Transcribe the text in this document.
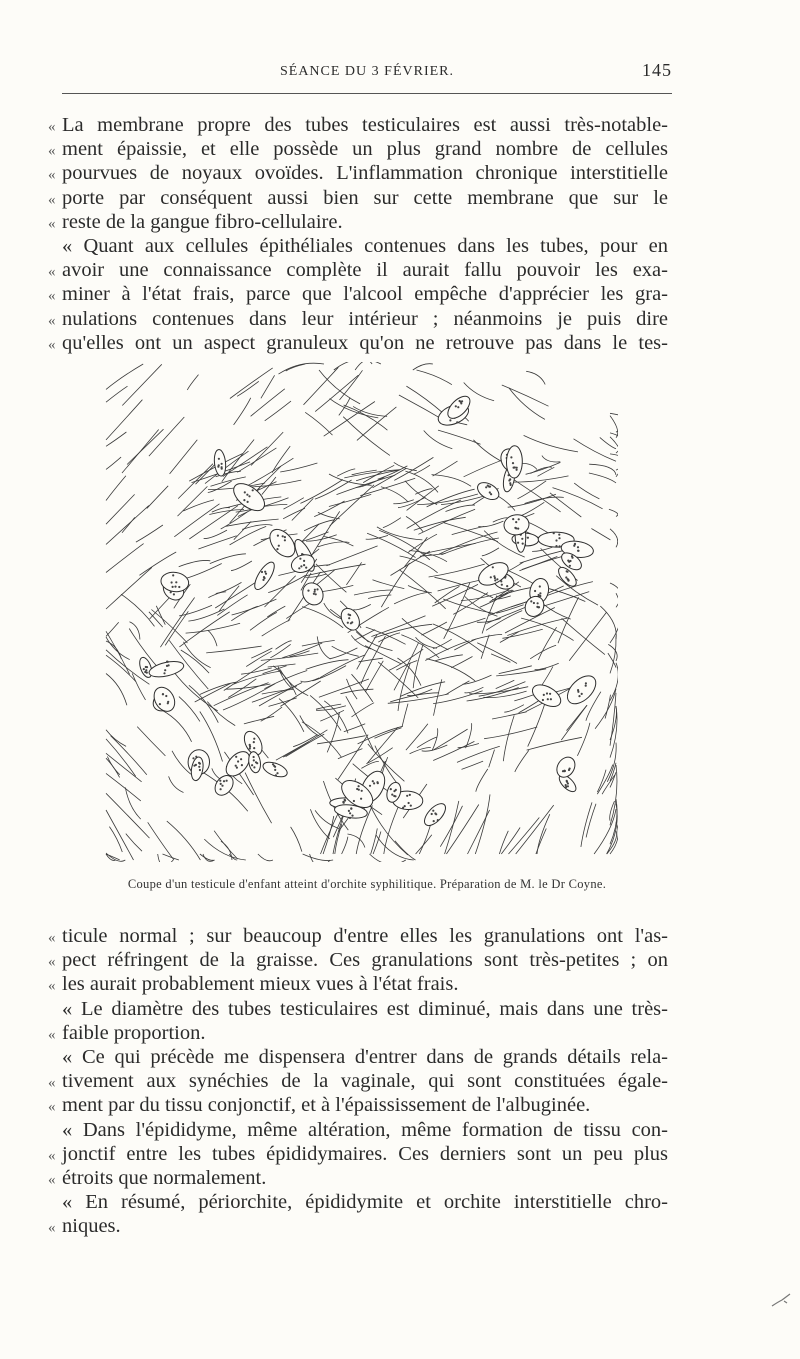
SÉANCE DU 3 FÉVRIER.	145
« La membrane propre des tubes testiculaires est aussi très-notable-
« ment épaissie, et elle possède un plus grand nombre de cellules
« pourvues de noyaux ovoïdes. L'inflammation chronique interstitielle
« porte par conséquent aussi bien sur cette membrane que sur le
« reste de la gangue fibro-cellulaire.
« Quant aux cellules épithéliales contenues dans les tubes, pour en
« avoir une connaissance complète il aurait fallu pouvoir les exa-
« miner à l'état frais, parce que l'alcool empêche d'apprécier les gra-
« nulations contenues dans leur intérieur ; néanmoins je puis dire
« qu'elles ont un aspect granuleux qu'on ne retrouve pas dans le tes-
Coupe d'un testicule d'enfant atteint d'orchite syphilitique. Préparation de M. le Dr Coyne.
« ticule normal ; sur beaucoup d'entre elles les granulations ont l'as-
« pect réfringent de la graisse. Ces granulations sont très-petites ; on
« les aurait probablement mieux vues à l'état frais.
« Le diamètre des tubes testiculaires est diminué, mais dans une très-
« faible proportion.
« Ce qui précède me dispensera d'entrer dans de grands détails rela-
« tivement aux synéchies de la vaginale, qui sont constituées égale-
« ment par du tissu conjonctif, et à l'épaississement de l'albuginée.
« Dans l'épididyme, même altération, même formation de tissu con-
« jonctif entre les tubes épididymaires. Ces derniers sont un peu plus
« étroits que normalement.
« En résumé, périorchite, épididymite et orchite interstitielle chro-
« niques.
